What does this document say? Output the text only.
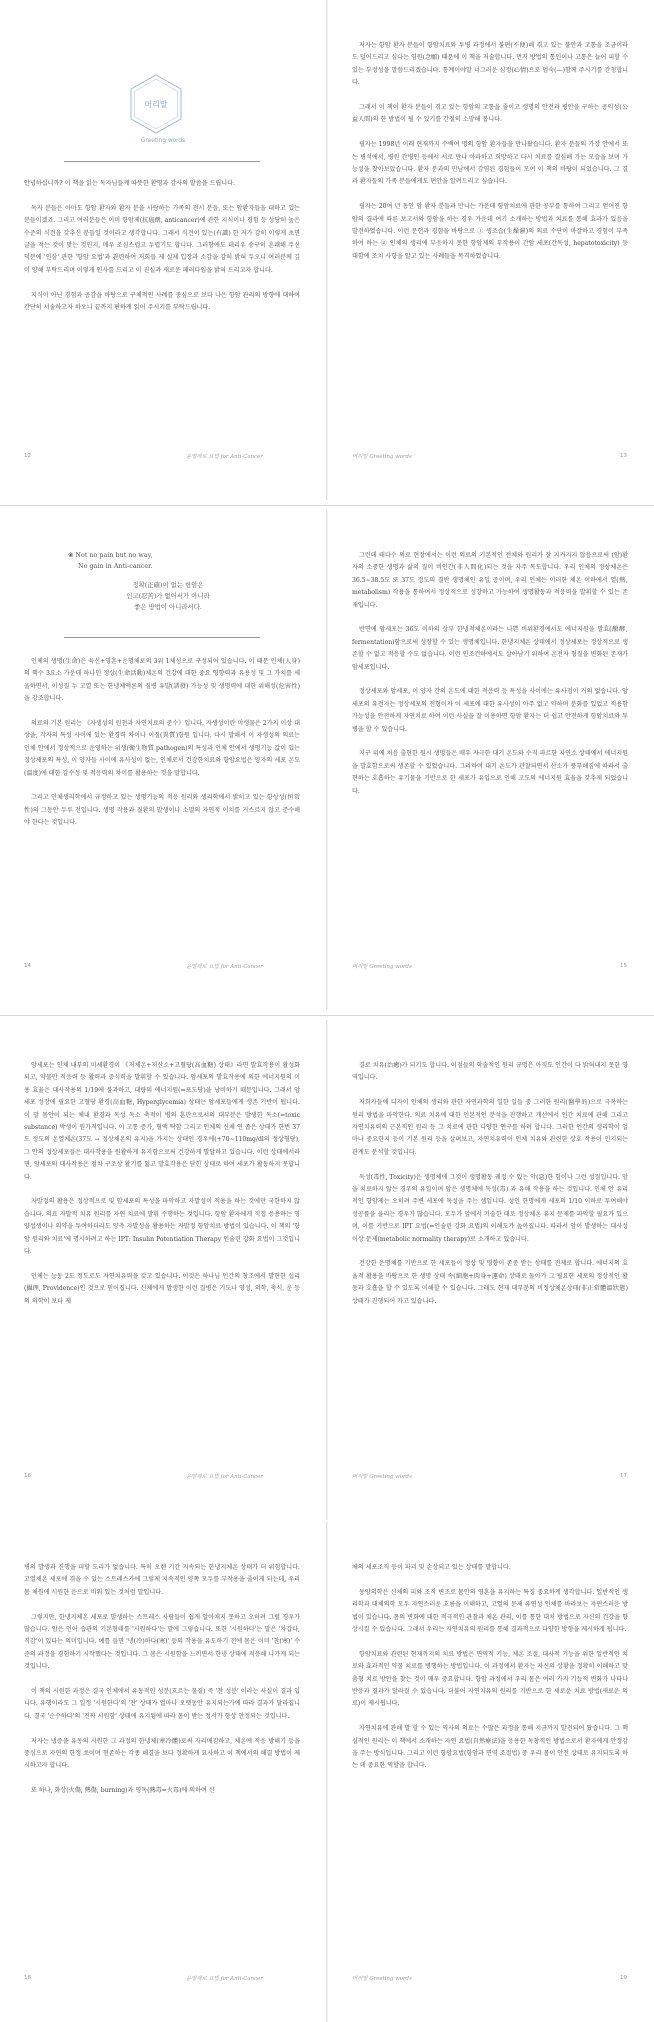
머리말
Greeting words

안녕하십니까? 이 책을 읽는 독자님들께 따뜻한 환영과 감사의 말씀을 드립니다.

독자 분들은 아마도 항암 환자와 환자 분을 사랑하는 가족의 전시 분들, 또는 암환자들을 대하고 있는 분들이겠죠. 그리고 여러분들은 이미 항암제(抗癌劑, anticancer)에 관한 지식이나 경험 등 상당히 높은 수준의 식견을 갖추신 분들일 것이라고 생각합니다. 그래서 식견이 있는(有識) 한 저가 감히 이렇게 초면 글을 적는 것이 맞는 것인지, 매우 조심스럽고 두렵기도 합니다. 그러함에도 데리우 송구히 흔쾌해 주신 덕분에 '인삼' 관한 '항암 요법'과 관련하여 저희들 제 실제 입장과 소감을 감히 밝혀 두오니 여러분께 깊이 양해 부탁드리며 이렇게 인사를 드리고 이 진실과 새로운 패러다임을 밝혀 드리고자 합니다.

지식이 아닌 경험과 공감을 바탕으로 구체적인 사례를 중심으로 보다 나은 항암 관리의 방향에 대하여 간단히 서술하고자 하오니 끝까지 편하게 읽어 주시기를 부탁드립니다.

12	운열제로 요법 for Anti-Cancer

저자는 항암 환자 분들이 항암치료와 투병 과정에서 불편(不便)해 겪고 있는 불안과 고통을 조금이라도 덜어드리고 싶다는 염원(念願) 때문에 이 책을 저술합니다. 먼저 방법의 통인이나 고통은 늘어 피할 수 있는 부정성을 말씀드리겠습니다. 통계이야말 너그러운 심정(心情)으로 엄숙(—)함께 주시기를 간청합니다.

그래서 이 책이 환자 분들이 겪고 있는 항암의 고통을 줄이고 생명의 안전과 평안을 구하는 공익성(公益人間)의 한 방법이 될 수 있기를 간절히 소망해 봅니다.

필자는 1998년 이래 현재까지 수백여 명의 항암 환자들을 만나왔습니다. 환자 분들의 가장 안에서 또는 병석에서, 병원 간병인 등에서 서로 만나 아파하고 희망하고 다시 치료를 결심해 가는 모습을 보며 가능성을 찾아보았습니다. 환자 분과의 만남에서 감염된 경험들이 모여 이 책의 바탕이 되었습니다. 그 결과 환자들의 가족 분들에게도 편안을 알려드리고 싶습니다.

필자는 20여 년 동안 암 환자 분들과 만나는 가운데 항암치료에 관한 공부를 통하여 그리고 얻어진 항암의 결과에 따른 보고서와 항암을 하는 경우 가운데 여기 소개하는 방법과 치료를 통해 효과가 있음을 발견하였습니다. 이런 문헌과 경험을 바탕으로 ① 생조습(生燥濕)의 의료 수단이 마갈하고 경험이 부족하여 하는 ② 인체의 생리에 부응하지 못한 항암제의 부작용이 간암 세포(간독성, hepatotoxicity) 등 대함에 조치 사항을 알고 있는 사례들을 목격하였습니다.

머리말 Greeting words	13
❀ Not no pain but no way,
No gain in Anti-cancer.
정확(正確)이 없는 항암은
인고(忍苦)가 없어서가 아니라
좋은 방법이 아니라서다.

인체의 생명(生命)은 육신+영혼+운명체로의 3위 1체성으로 구성되어 있습니다. 이 때문 인체(人身)의 핵수 3요소 가운데 하나인 정상(生命活動)체온의 건강에 대한 중요 영향력과 유용성 및 그 가치를 세울하면서, 이성질 누 고열 또는 한냉체액론의 질병 유발(誘發) 가능성 및 생명력에 대한 위해성(危害性)을 강조합니다.

의료의 기본 원리는 《자생성의 원천과 자연치료의 준수》입니다. 자생성이란 미생물은 2가지 이상 대상을, 각자의 특성 사이에 있는 환경력 차이나 이질(異質)항원 입니다. 다시 말해서 이 자생성의 의료는 인체 안에서 정상적으로 운영하는 위생(衛生物質 pathogen)의 특성과 인체 안에서 생명기능 값이 있는 정상세포의 특성, 이 양자들 사이에 유사성이 없는, 인체로서 건강한치료와 항암요법은 양자의 세포 온도(溫度)에 대한 감수성 및 적응력의 차이를 활용하는 것을 말합니다.

그리고 인체생리학에서 규정하고 있는 생명기능의 적응 원리와 생리학에서 밝히고 있는 항상성(恒常性)의 그동안 두루 전입니다. 생명 작용과 질환의 발생이나 소멸의 자연적 이치를 거스르지 않고 준수해야 한다는 것입니다.

14	운열제로 요법 for Anti-Cancer

그런데 태다수 의료 현장에서는 이런 의료의 기본적인 전체와 원리가 잘 지켜지지 않음으로써 (암)환자의 소중한 생명과 삶의 질이 비인간(非人間化)되는 것을 자주 목도합니다. 우리 인체의 정상체온은 36.5~38.5도 또 37도 정도의 결반 생명체인 유일 증이며, 우리 인체는 이러한 체온 이하에서 열(熱, metabolism) 작용을 통하여서 정상적으로 성장하고 가능하여 생명활동과 적응력을 발휘할 수 있는 존재입니다.

반면에 암세포는 36도 이하의 상부 한냉적체온이라는 나쁜 비위환경에서도 에너지원을 발효(醱酵, fermentation)함으로써 성장할 수 있는 생명체입니다. 한냉지체온 상태에서 정상세포는 정상적으로 생존할 수 없고 적응할 수도 없습니다. 이런 인조건하에서도 살아남기 위하여 온전자 형질을 변화된 존재가 암세포입니다.

정상세포와 암세포, 이 양자 간의 온도에 대한 적응력 등 특성을 사이에는 유사점이 거의 없습니다. 암세포의 유전자는 정상세포의 전형이자 이 세포에 대한 유사성이 아주 없고 약하며 분화를 있었고 적용함 가능성을 안전하게 자연치료 하여 이런 사실을 잘 이용하면 항암 환자는 더 쉽고 안전하게 항암치료와 투병을 할 수 있습니다.

지구 위에 처음 출현한 원시 생명들은 매우 자극한 대기 온도와 수직 파르한 자연소 상태에서 에너지원을 발효함으로써 생존할 수 있었습니다. 그리하여 대기 온도가 관찰되면서 산소가 풍부해짐에 따라서 출현하는 호흡하는 유기물을 기반으로 한 세포가 유입으로 인해 고도의 에너지원 효율을 갖추게 되었습니다.

머리말 Greeting words	15

암세포는 인체 내부의 미세환경이 《저체온+저산소+고혈당(高血糖) 상태》라면 발효작용이 활성화되고, 약물만 적응력 등 활력과 증식력을 발휘할 수 있습니다. 암세포의 발효작용에 의한 에너지원의 이용 효율은 대사작용의 1/19에 불과하고, 대량의 에너지원(=포도당)을 낭비하기 때문입니다. 그래서 암세포 성장에 필요한 고혈당 환경(高血糖, Hyperglycemia) 상태는 암세포들에게 생존 기반이 됩니다. 이 말 몸안이 되는 체내 환경과 독성 독소 축적이 병의 혼란으로서의 대부분은 발생한 독소(=toxic substance) 박생이 원가적입니다. 이 고통 증가, 혈액 탁함 그리고 인체의 신체 연 좁은 상태가 한번 37도 정도의 온열체온(37도 → 정상체온의 유지)을 가지는 상태인 경우에(+70~110mg/dl의 정상혈당), 그 안의 정상세포들은 대사작용을 원활하게 유지함으로써 건강하게 발달하고 있습니다. 이런 상태에서라면, 암세포의 대사작용은 점차 구조상 활기를 잃고 발효작용은 닫힌 상태로 하여 세포가 활동하지 못합니다.

자발정의 활용은 정상적으로 및 암세포의 특성을 파악하고 자발성이 적용을 하는 것에만 국한하지 않습니다. 의료 자발적 치유 원리를 자연 치료에 발휘 수행하는 것입니다. 항암 환자에게 직접 응용하는 영양섭생이나 의약을 투여하더라도 양측 자발성을 활용하는 자발정 항암치료 방법이 있습니다. 이 책의 '항암 원리와 치료'에 명시하려고 하는 IPT: Insulin Potentiation Therapy 인슐린 강화 요법이 그것입니다.

인체는 능동 2도 정도로도 자연치유력을 갖고 있습니다. 이것은 하나님 인간의 창조에서 발현한 섭리(攝理, Providence)인 것으로 믿어집니다. 신체에게 발생한 이런 질병은 기도나 영성, 의학, 축식, 운 등의 의학이 보다 제

16	운열제로 요법 for Anti-Cancer

결로 치유(治癒)가 되기도 합니다. 이점들의 학술적인 원리 규명은 아직도 인간이 다 밝혀내지 못한 영역입니다.

저희자들에 디자이 인체의 생리와 관한 자연과학의 일한 일들 중 그러한 원리(醫學的)으로 극복하는 원리 방법을 파악한다. 의료 치유에 대한 인본적인 분석을 진행하고 개선에서 인간 치료에 관해 그리고 자연치유력의 근본적인 원리 등 그 치료에 관한 다양한 연구를 하려 합니다. 그러한 인간의 생리학이 얼마나 중요한지 등이 기본 원리 등을 살펴보고, 자연치유력이 인체 치유와 관련한 상호 작용이 인지되는 관계도 분석할 것입니다.

독성(毒性, Toxicity)은 생명체에 그것이 생명활동 궤정 수 있는 악(惡)한 힘이나 그런 성질입니다. 암을 치료하지 않는 경우의 유일이며 암은 생명체에 독성(毒) 과 유해 작용을 하는 것입니다. 인체 안 유리적인 항암제는 오히려 주변 세포에 독성을 주는 셈입니다. 성인 한명에게 세포의 1/10 이하로 투여해야 성공률을 올리는 경우가 많습니다. 모두가 앞에서 기술한 대로 정상체온 유지 문제를 파악할 필요가 있으며, 이를 기반으로 IPT 요법(=인슐린 강화 요법)의 이해도가 높아집니다. 따라서 암이 발생하는 대사성 이상 문제(metabolic normality therapy)로 소개하고 있습니다.

건강한 운명체를 기반으로 한 세포들이 정상 및 영향이 존중 받는 상태를 전제로 합니다. 에너지의 효율적 활용을 바탕으로 한 생명 상태 속(細胞+肉身+運命) 상태로 돌아가 그 필요한 세포의 정상적인 활동과 호흡을 할 수 있도록 이해할 수 있습니다. 그래도 현재 대부분의 비정상체온상태(非正常體溫狀態) 상태가 진행되어 가고 있습니다.

머리말 Greeting words	17

병의 발생과 진행을 피할 도리가 없습니다. 특히 오랜 기간 지속되는 한냉지체온 상태가 더 위험합니다. 고열체온 세포에 겪을 수 있는 스트레스가에 그렇게 지속적인 양쪽 모두를 부작용을 줄이게 되는데, 우리몸 체원에 시원한 운으로 비워 있는 것처럼 말입니다.

그렇지만, 한냉지체온 세포로 발생하는 스트레스 사람들이 쉽게 알아채지 못하고 오히려 그럴 경우가 많습니다. 암은 언어 습관의 기본형태를 '시원하다'는 말에 그렇습니다. 또한 '시원하다'는 말은 '차갑다, 직감'이 있다는 의미입니다. 예를 들면 '냉(冷)하다(寒)' 등의 작용을 유도하기 전에 몸은 이미 '찬(寒)' 수준의 과정을 경험하기 시작했다는 것입니다. 그 몸은 시원함을 느끼면서 한냉 상태에 적응해 나가게 되는 것입니다.

이 책의 시원한 과정은 결국 인체에서 유동적인 성분(흐르는 물질) 즉 '찬 성분' 이라는 사실이 결과 입니다. 유행이라도 그 일정 '시원한다'의 '찬' 상태가 얼마나 오랫동안 유지되는가에 따라 결과가 달라집니다. 결국 '순수하다'의 '진짜 시원함' 상태에 유지됨에 따라 몸이 받는 정서가 항상 안정되는 것입니다.

저자는 냉증을 유동의 시원한 그 과정의 한냉체(寒冷體)로써 자리매김하고, 체온에 적응 방해기 등을 중심으로 자연의 한정 쏘이며 현존하는 각종 해결을 보다 정확하게 묘사하고 이 책에서의 해결 방법이 제시하고자 합니다.

또 하나, 화상(火傷, 熱傷, burning)과 영독(熱毒=火毒)에 의하여 신

18	운열제로 요법 for Anti-Cancer

체의 세포조직 등이 파괴 및 손상되고 있는 상태를 말합니다.

동양의학은 신체의 피와 조직 변조로 몸안의 영혼을 유지하는 특징 중요하게 생각합니다. 일반적인 생리학과 대체의학 모두 자연스러운 흐름을 이해하고, 고열의 문제 유연성 인체를 바라보는 자연스러운 방법이 있습니다. 몸의 변화에 대한 적극적인 관찰과 체온 관리, 이를 통한 대처 방법으로 자신의 건강을 향상시킬 수 있습니다. 그래서 우리는 자연치유의 원리를 통해 결과적으로 다양한 방향을 제시하게 됩니다.

항암치료와 관련된 현재까지의 치료 방법은 면역적 기능, 체온 조절, 대사적 기능을 위한 일반적인 치료와 효과적인 약물 치료를 병행하는 방법입니다. 이 과정에서 환자는 자신의 상황을 정확히 이해하고 맞춤형 치료 방안을 찾는 것이 매우 중요합니다. 항암 과정에서 우리 몸은 여러 가지 기능적 변화가 나타나 반응과 결과가 달라질 수 있습니다. 더불어 자연치유의 원리를 기반으로 한 새로운 치료 방법(새로운 의료)이 제시됩니다.

자연치유에 관해 말 할 수 있는 역사의 의료는 수많은 과정을 통해 지금까지 발전되어 왔습니다. 그 핵심적인 원리는 이 책에서 소개하는 자연 요법(自然療法)을 응용한 독창적인 방법으로서 환자에게 안정감을 주는 방식입니다. 그리고 이런 항암요법(항암과 면역 조절법) 중 우리 몸이 안전 상태로 유지되도록 하는 데 중요한 역할을 합니다.

머리말 Greeting words	19
